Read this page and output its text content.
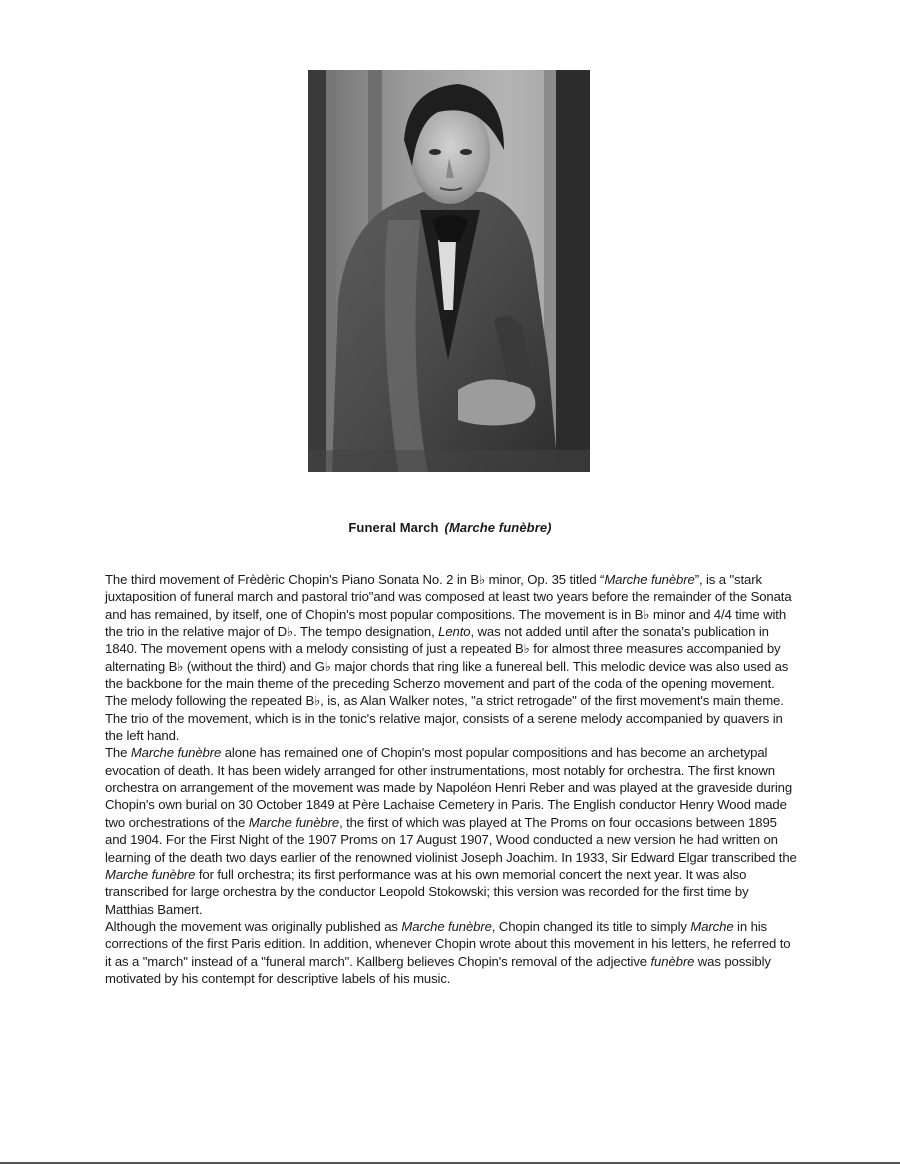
Funeral March (Marche funèbre)

The third movement of Frèdèric Chopin's Piano Sonata No. 2 in B♭ minor, Op. 35 titled “Marche funèbre”, is a "stark juxtaposition of funeral march and pastoral trio"and was composed at least two years before the remainder of the Sonata and has remained, by itself, one of Chopin's most popular compositions. The movement is in B♭ minor and 4/4 time with the trio in the relative major of D♭. The tempo designation, Lento, was not added until after the sonata's publication in 1840. The movement opens with a melody consisting of just a repeated B♭ for almost three measures accompanied by alternating B♭ (without the third) and G♭ major chords that ring like a funereal bell. This melodic device was also used as the backbone for the main theme of the preceding Scherzo movement and part of the coda of the opening movement. The melody following the repeated B♭, is, as Alan Walker notes, "a strict retrogade" of the first movement's main theme. The trio of the movement, which is in the tonic's relative major, consists of a serene melody accompanied by quavers in the left hand.

The Marche funèbre alone has remained one of Chopin's most popular compositions and has become an archetypal evocation of death. It has been widely arranged for other instrumentations, most notably for orchestra. The first known orchestra on arrangement of the movement was made by Napoléon Henri Reber and was played at the graveside during Chopin's own burial on 30 October 1849 at Père Lachaise Cemetery in Paris. The English conductor Henry Wood made two orchestrations of the Marche funèbre, the first of which was played at The Proms on four occasions between 1895 and 1904. For the First Night of the 1907 Proms on 17 August 1907, Wood conducted a new version he had written on learning of the death two days earlier of the renowned violinist Joseph Joachim. In 1933, Sir Edward Elgar transcribed the Marche funèbre for full orchestra; its first performance was at his own memorial concert the next year. It was also transcribed for large orchestra by the conductor Leopold Stokowski; this version was recorded for the first time by Matthias Bamert.

Although the movement was originally published as Marche funèbre, Chopin changed its title to simply Marche in his corrections of the first Paris edition. In addition, whenever Chopin wrote about this movement in his letters, he referred to it as a "march" instead of a "funeral march". Kallberg believes Chopin's removal of the adjective funèbre was possibly motivated by his contempt for descriptive labels of his music.
